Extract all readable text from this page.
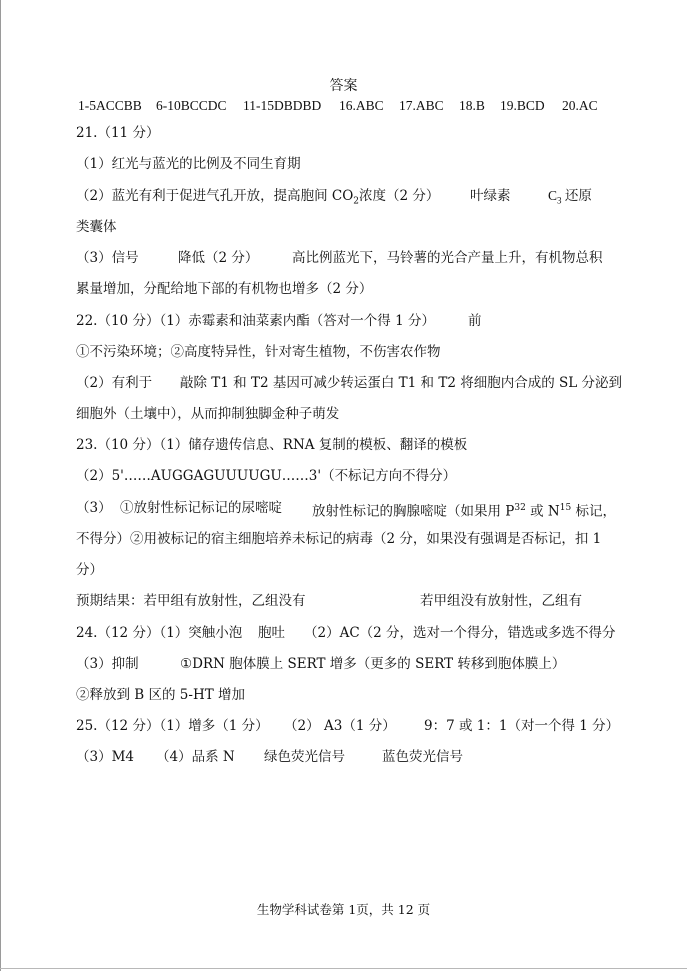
答案
1-5ACCBB 6-10BCCDC 11-15DBDBD 16.ABC 17.ABC 18.B 19.BCD 20.AC
21.（11 分）
（1）红光与蓝光的比例及不同生育期
（2）蓝光有利于促进气孔开放，提高胞间 $CO_2$浓度（2 分） 叶绿素	$C_3$ 还原
类囊体
（3）信号	降低（2 分） 高比例蓝光下，马铃薯的光合产量上升，有机物总积
累量增加，分配给地下部的有机物也增多（2 分）
22.（10 分）（1）赤霉素和油菜素内酯（答对一个得 1 分） 前
①不污染环境；②高度特异性，针对寄生植物，不伤害农作物
（2）有利于 敲除 T1 和 T2 基因可减少转运蛋白 T1 和 T2 将细胞内合成的 SL 分泌到
细胞外（土壤中），从而抑制独脚金种子萌发
23.（10 分）（1）储存遗传信息、RNA 复制的模板、翻译的模板
（2）5'……AUGGAGUUUUGU……3'（不标记方向不得分）
（3） ①放射性标记标记的尿嘧啶 放射性标记的胸腺嘧啶（如果用 $P^{32}$ 或 $N^{15}$ 标记，
不得分）②用被标记的宿主细胞培养未标记的病毒（2 分，如果没有强调是否标记，扣 1
分）
预期结果：若甲组有放射性，乙组没有	若甲组没有放射性，乙组有
24.（12 分）（1）突触小泡 胞吐 （2）AC（2 分，选对一个得分，错选或多选不得分
（3）抑制	①DRN 胞体膜上 SERT 增多（更多的 SERT 转移到胞体膜上）
②释放到 B 区的 5-HT 增加
25.（12 分）（1）增多（1 分） （2） A3（1 分） 9：7 或 1：1（对一个得 1 分）
（3）M4 （4）品系 N 绿色荧光信号	蓝色荧光信号
生物学科试卷第 1页，共 12 页
